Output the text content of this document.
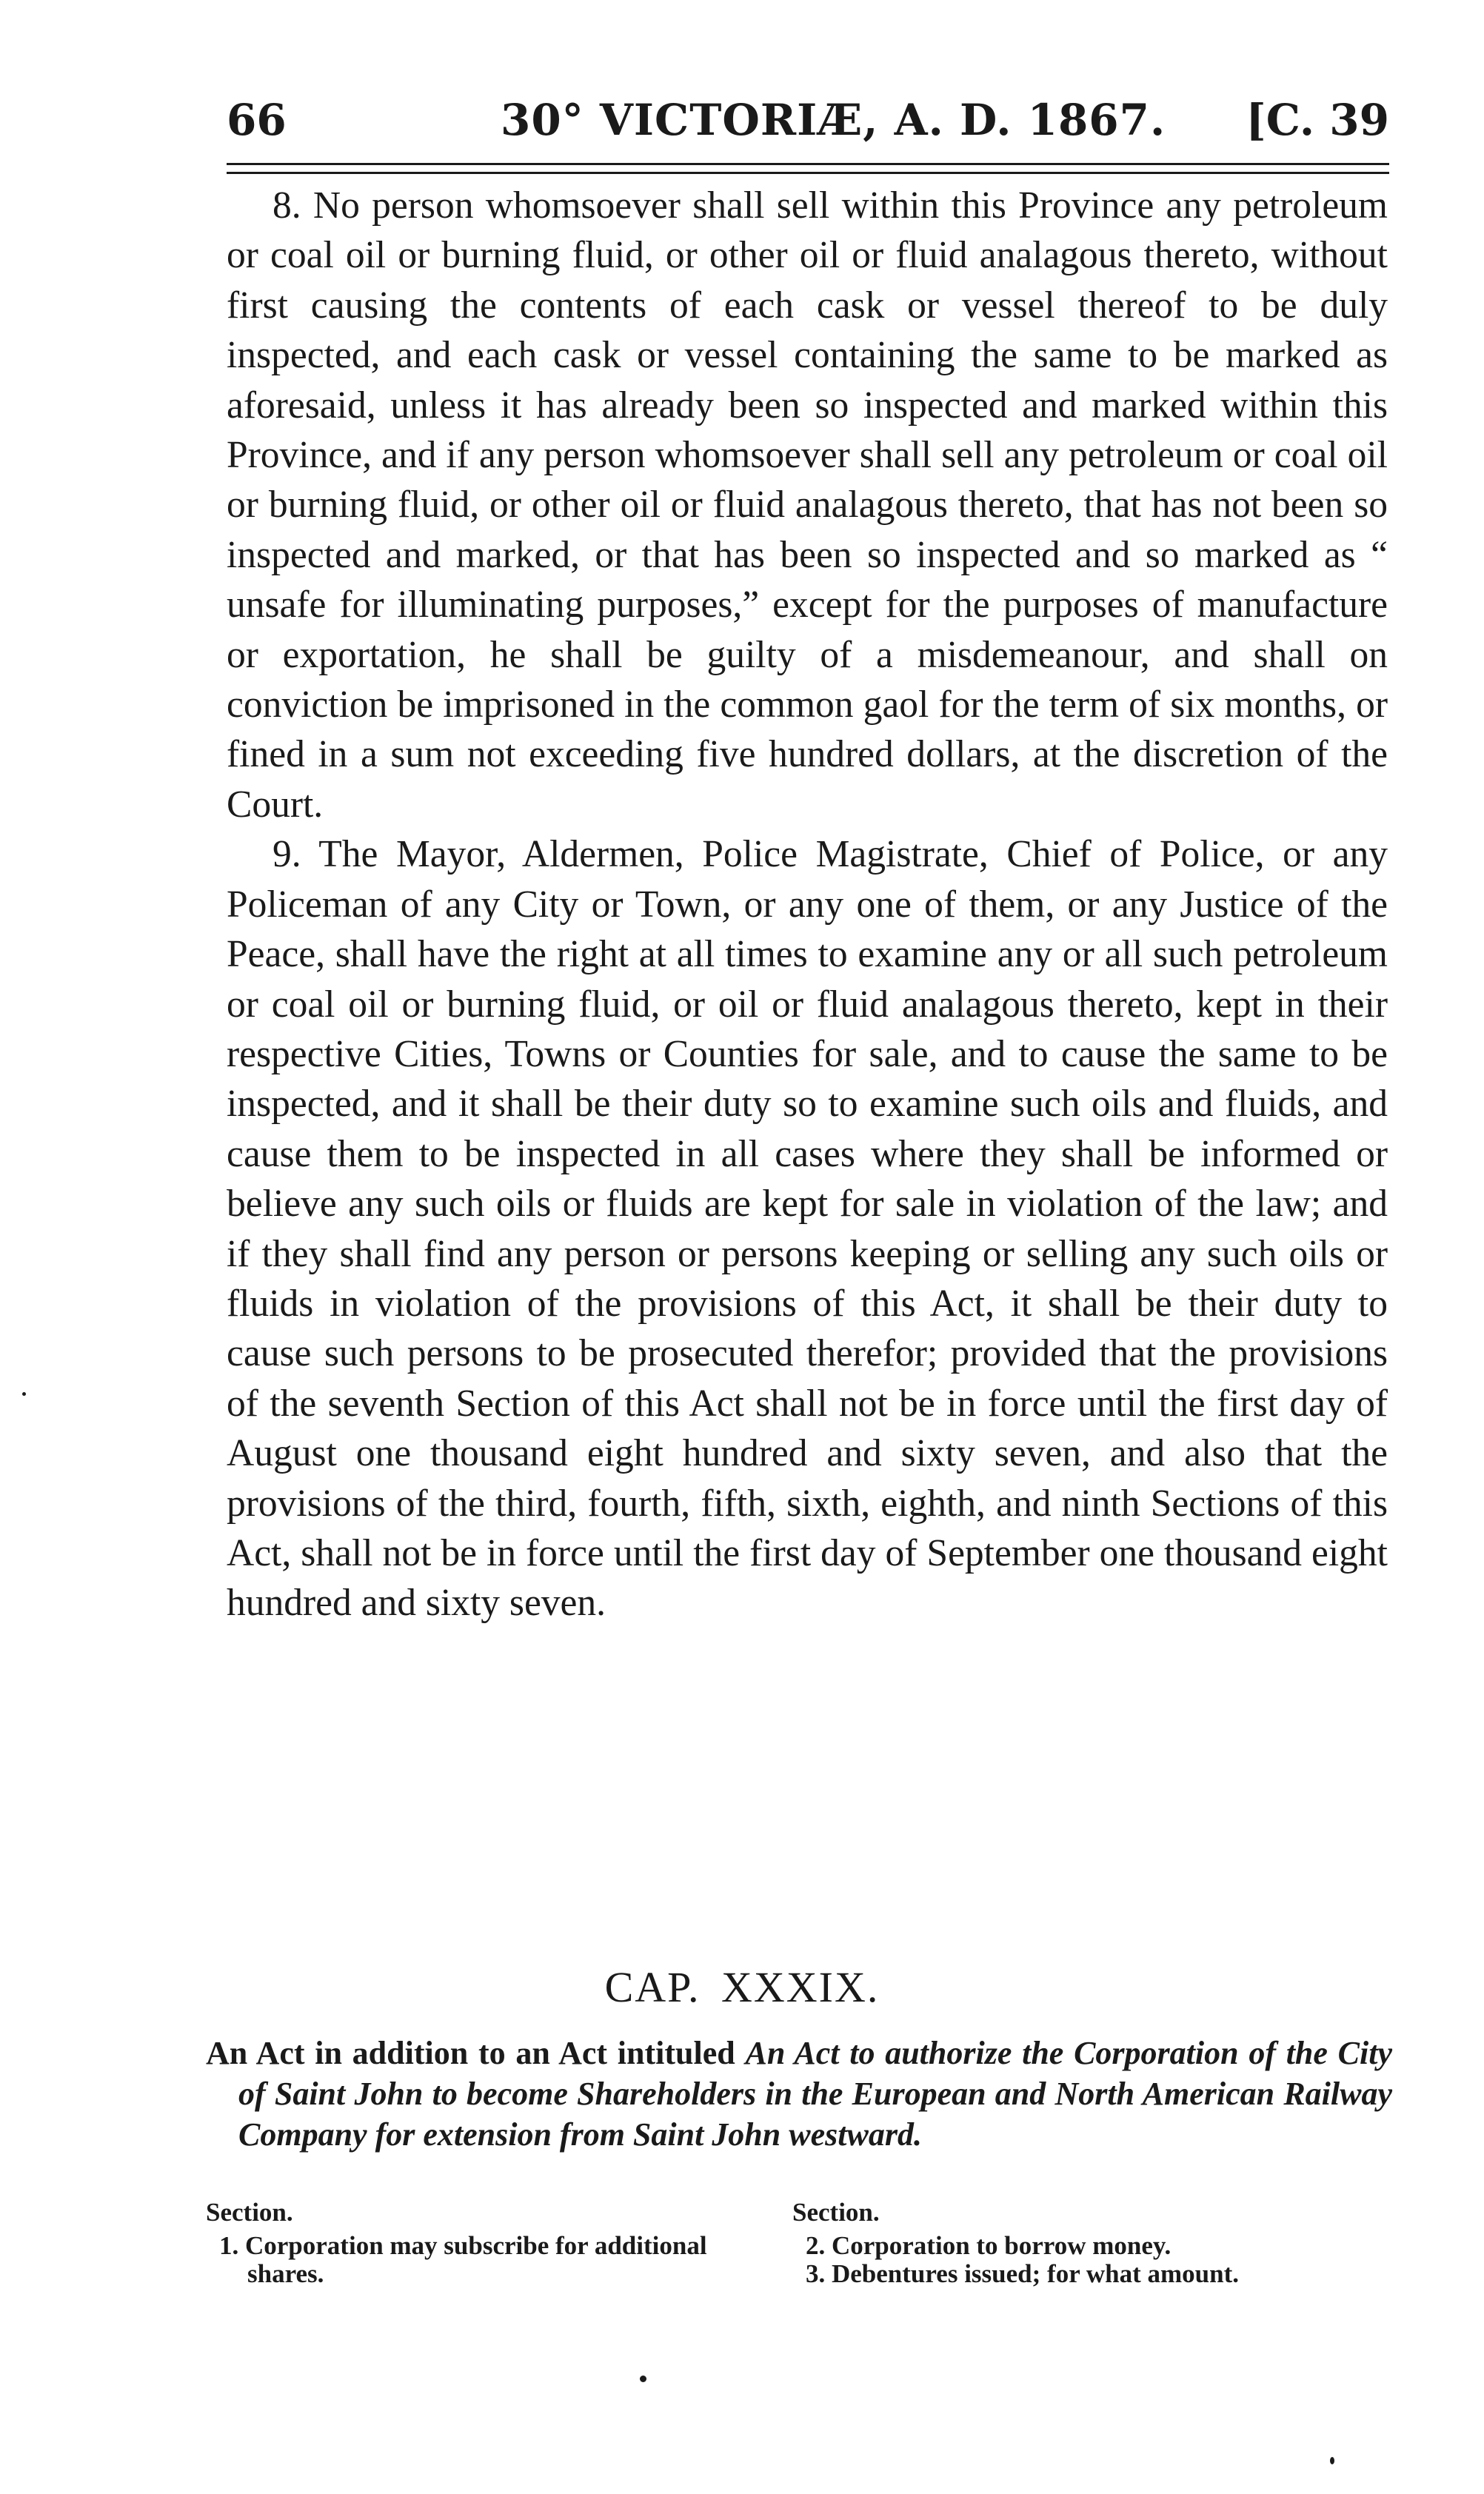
66	30° VICTORIÆ, A. D. 1867. [C. 39

8. No person whomsoever shall sell within this Province any petroleum or coal oil or burning fluid, or other oil or fluid analagous thereto, without first causing the contents of each cask or vessel thereof to be duly inspected, and each cask or vessel containing the same to be marked as aforesaid, unless it has already been so inspected and marked within this Province, and if any person whomsoever shall sell any petroleum or coal oil or burning fluid, or other oil or fluid analagous thereto, that has not been so inspected and marked, or that has been so inspected and so marked as “ unsafe for illuminating purposes,” except for the purposes of manufacture or exportation, he shall be guilty of a misdemeanour, and shall on conviction be imprisoned in the common gaol for the term of six months, or fined in a sum not exceeding five hundred dollars, at the discretion of the Court.

9. The Mayor, Aldermen, Police Magistrate, Chief of Police, or any Policeman of any City or Town, or any one of them, or any Justice of the Peace, shall have the right at all times to examine any or all such petroleum or coal oil or burning fluid, or oil or fluid analagous thereto, kept in their respective Cities, Towns or Counties for sale, and to cause the same to be inspected, and it shall be their duty so to examine such oils and fluids, and cause them to be inspected in all cases where they shall be informed or believe any such oils or fluids are kept for sale in violation of the law; and if they shall find any person or persons keeping or selling any such oils or fluids in violation of the provisions of this Act, it shall be their duty to cause such persons to be prosecuted therefor; provided that the provisions of the seventh Section of this Act shall not be in force until the first day of August one thousand eight hundred and sixty seven, and also that the provisions of the third, fourth, fifth, sixth, eighth, and ninth Sections of this Act, shall not be in force until the first day of September one thousand eight hundred and sixty seven.

CAP. XXXIX.

An Act in addition to an Act intituled An Act to authorize the Corporation of the City of Saint John to become Shareholders in the European and North American Railway Company for extension from Saint John westward.

Section.

1. Corporation may subscribe for additional shares.

Section.

2. Corporation to borrow money.

3. Debentures issued; for what amount.
